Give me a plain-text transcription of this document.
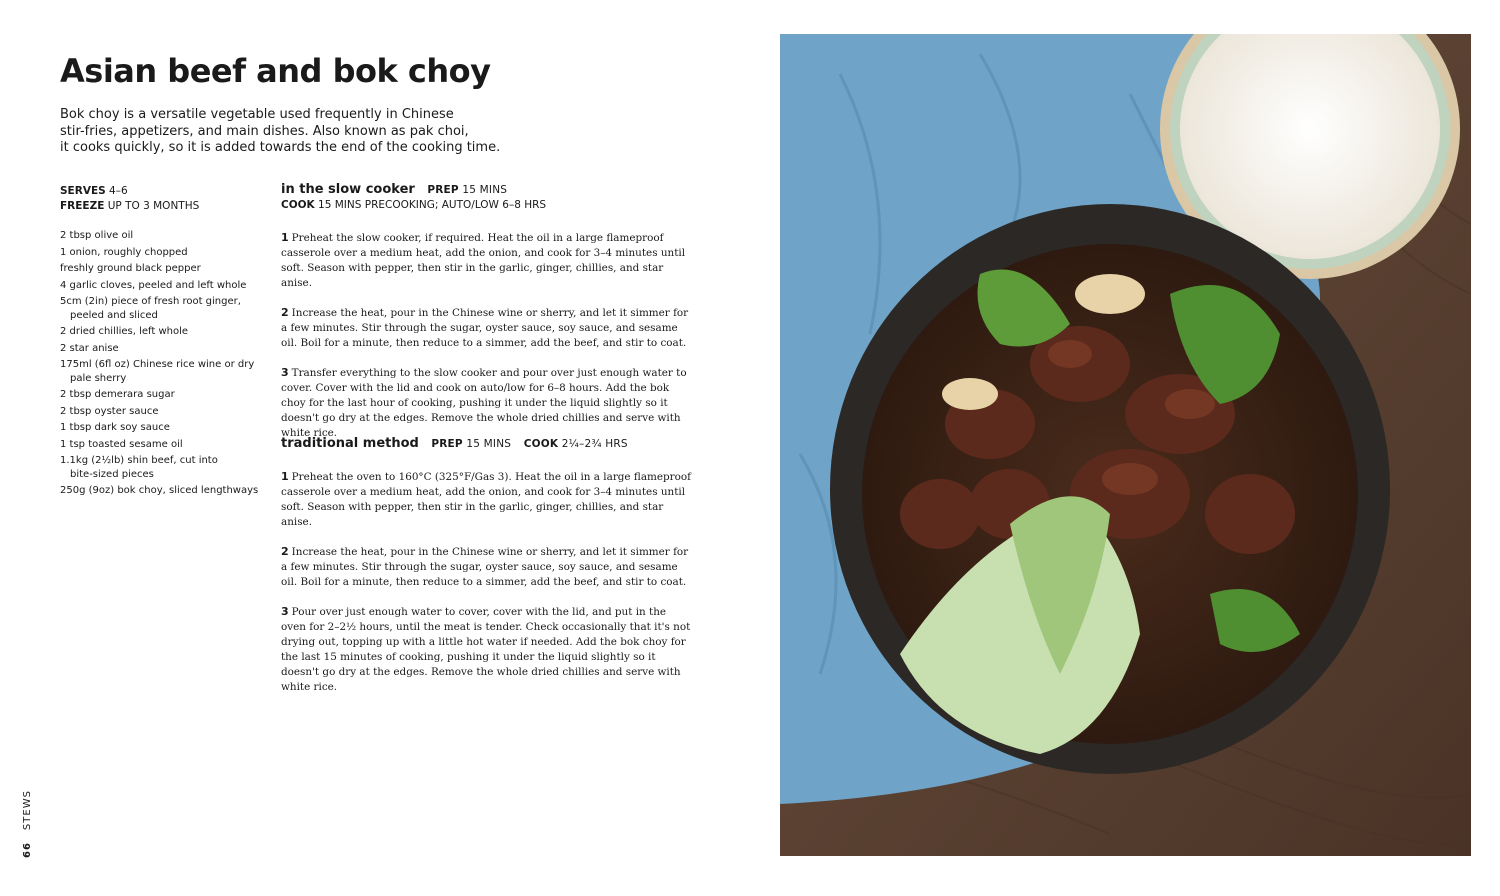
Asian beef and bok choy

Bok choy is a versatile vegetable used frequently in Chinese
stir-fries, appetizers, and main dishes. Also known as pak choi,
it cooks quickly, so it is added towards the end of the cooking time.

SERVES 4–6
FREEZE UP TO 3 MONTHS
2 tbsp olive oil
1 onion, roughly chopped
freshly ground black pepper
4 garlic cloves, peeled and left whole
5cm (2in) piece of fresh root ginger,
peeled and sliced
2 dried chillies, left whole
2 star anise
175ml (6fl oz) Chinese rice wine or dry
pale sherry
2 tbsp demerara sugar
2 tbsp oyster sauce
1 tbsp dark soy sauce
1 tsp toasted sesame oil
1.1kg (2½lb) shin beef, cut into
bite-sized pieces
250g (9oz) bok choy, sliced lengthways
in the slow cooker PREP 15 MINS
COOK 15 MINS PRECOOKING; AUTO/LOW 6–8 HRS

1 Preheat the slow cooker, if required. Heat the oil in a large flameproof casserole over a medium heat, add the onion, and cook for 3–4 minutes until soft. Season with pepper, then stir in the garlic, ginger, chillies, and star anise.

2 Increase the heat, pour in the Chinese wine or sherry, and let it simmer for a few minutes. Stir through the sugar, oyster sauce, soy sauce, and sesame oil. Boil for a minute, then reduce to a simmer, add the beef, and stir to coat.

3 Transfer everything to the slow cooker and pour over just enough water to cover. Cover with the lid and cook on auto/low for 6–8 hours. Add the bok choy for the last hour of cooking, pushing it under the liquid slightly so it doesn't go dry at the edges. Remove the whole dried chillies and serve with white rice.

traditional method PREP 15 MINS COOK 2¼–2¾ HRS

1 Preheat the oven to 160°C (325°F/Gas 3). Heat the oil in a large flameproof casserole over a medium heat, add the onion, and cook for 3–4 minutes until soft. Season with pepper, then stir in the garlic, ginger, chillies, and star anise.

2 Increase the heat, pour in the Chinese wine or sherry, and let it simmer for a few minutes. Stir through the sugar, oyster sauce, soy sauce, and sesame oil. Boil for a minute, then reduce to a simmer, add the beef, and stir to coat.

3 Pour over just enough water to cover, cover with the lid, and put in the oven for 2–2½ hours, until the meat is tender. Check occasionally that it's not drying out, topping up with a little hot water if needed. Add the bok choy for the last 15 minutes of cooking, pushing it under the liquid slightly so it doesn't go dry at the edges. Remove the whole dried chillies and serve with white rice.

66STEWS
